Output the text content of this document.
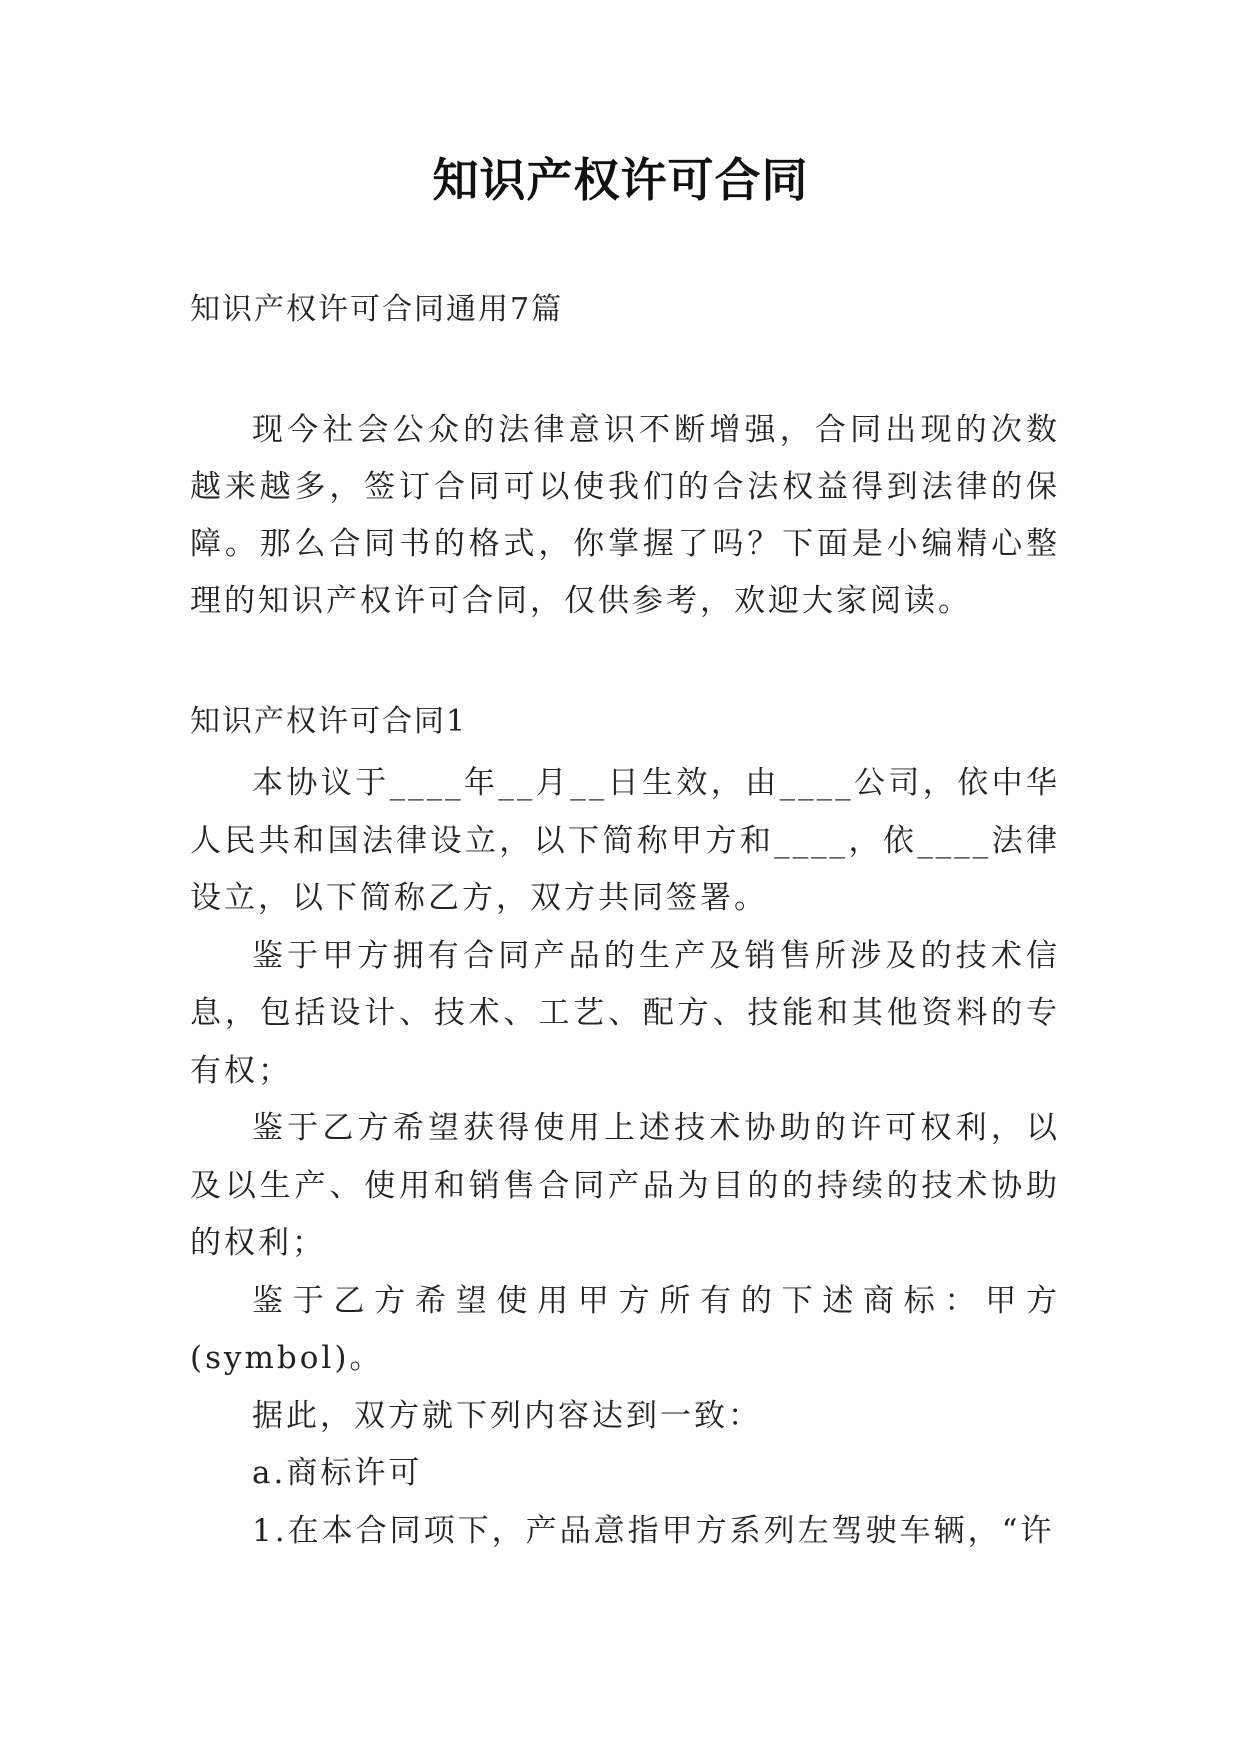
知识产权许可合同
知识产权许可合同通用7篇

现今社会公众的法律意识不断增强，合同出现的次数越来越多，签订合同可以使我们的合法权益得到法律的保障。那么合同书的格式，你掌握了吗？下面是小编精心整理的知识产权许可合同，仅供参考，欢迎大家阅读。

知识产权许可合同1

本协议于____年__月__日生效，由____公司，依中华人民共和国法律设立，以下简称甲方和____，依____法律设立，以下简称乙方，双方共同签署。

鉴于甲方拥有合同产品的生产及销售所涉及的技术信息，包括设计、技术、工艺、配方、技能和其他资料的专有权；

鉴于乙方希望获得使用上述技术协助的许可权利，以及以生产、使用和销售合同产品为目的的持续的技术协助的权利；

鉴于乙方希望使用甲方所有的下述商标：甲方(symbol)。

据此，双方就下列内容达到一致：

a.商标许可

1.在本合同项下，产品意指甲方系列左驾驶车辆，“许
